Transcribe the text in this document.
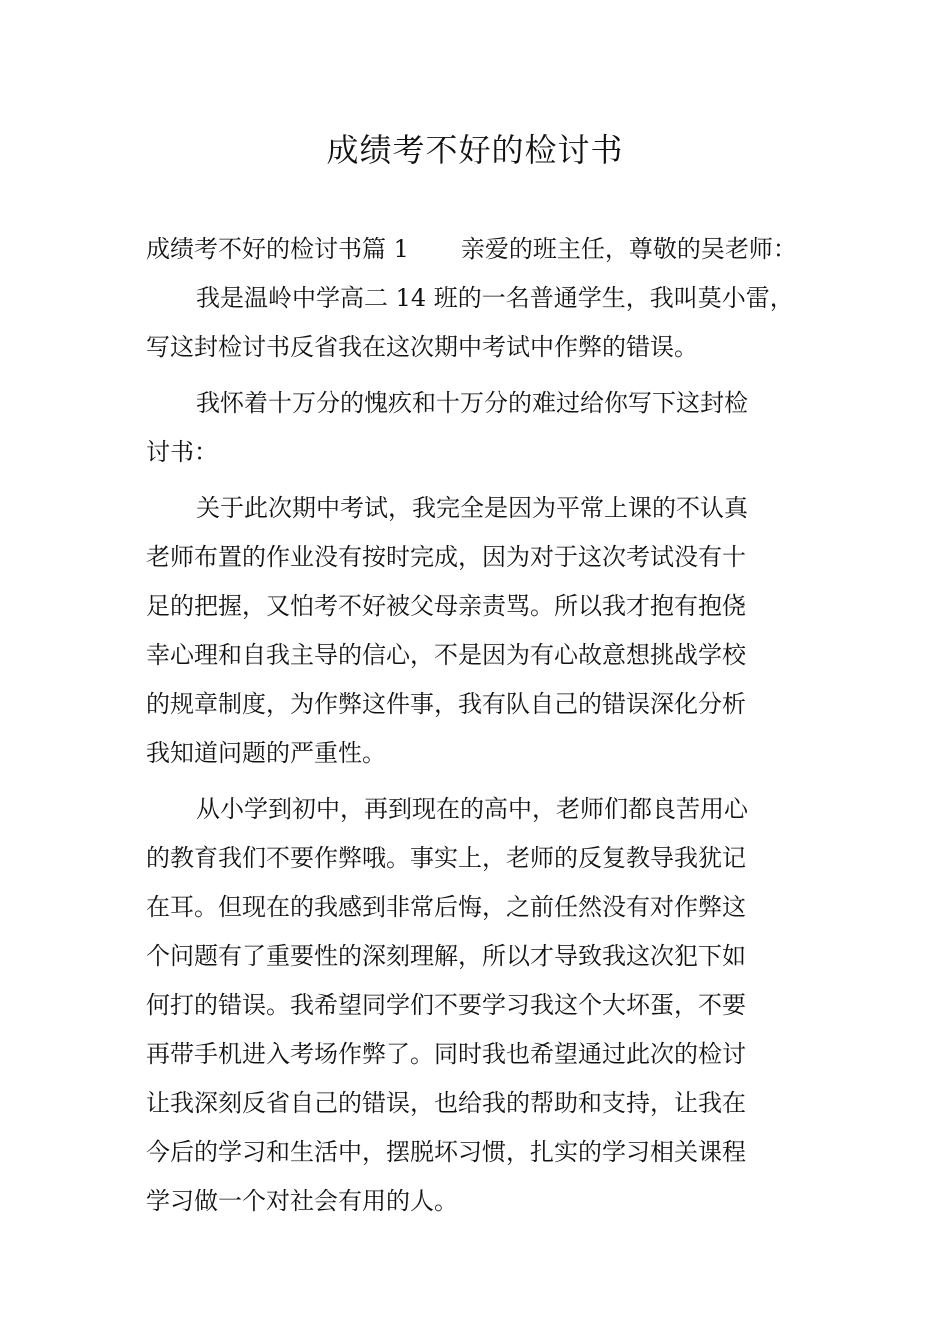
成绩考不好的检讨书

成绩考不好的检讨书篇 1 亲爱的班主任，尊敬的吴老师：

我是温岭中学高二 14 班的一名普通学生，我叫莫小雷，

写这封检讨书反省我在这次期中考试中作弊的错误。

我怀着十万分的愧疚和十万分的难过给你写下这封检

讨书：

关于此次期中考试，我完全是因为平常上课的不认真

老师布置的作业没有按时完成，因为对于这次考试没有十

足的把握，又怕考不好被父母亲责骂。所以我才抱有抱侥

幸心理和自我主导的信心，不是因为有心故意想挑战学校

的规章制度，为作弊这件事，我有队自己的错误深化分析

我知道问题的严重性。

从小学到初中，再到现在的高中，老师们都良苦用心

的教育我们不要作弊哦。事实上，老师的反复教导我犹记

在耳。但现在的我感到非常后悔，之前任然没有对作弊这

个问题有了重要性的深刻理解，所以才导致我这次犯下如

何打的错误。我希望同学们不要学习我这个大坏蛋，不要

再带手机进入考场作弊了。同时我也希望通过此次的检讨

让我深刻反省自己的错误，也给我的帮助和支持，让我在

今后的学习和生活中，摆脱坏习惯，扎实的学习相关课程

学习做一个对社会有用的人。
